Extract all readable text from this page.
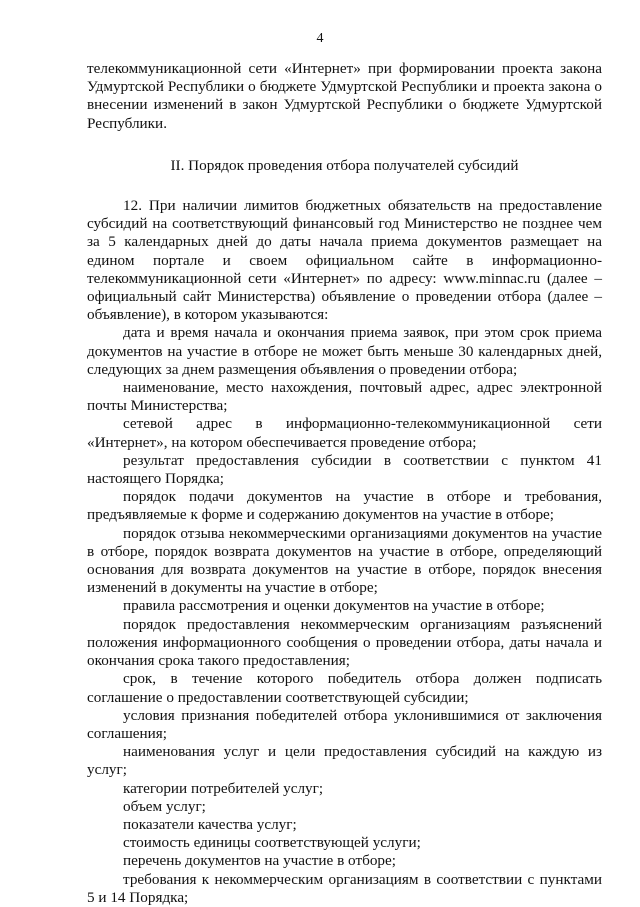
4

телекоммуникационной сети «Интернет» при формировании проекта закона Удмуртской Республики о бюджете Удмуртской Республики и проекта закона о внесении изменений в закон Удмуртской Республики о бюджете Удмуртской Республики.

II. Порядок проведения отбора получателей субсидий

12. При наличии лимитов бюджетных обязательств на предоставление субсидий на соответствующий финансовый год Министерство не позднее чем за 5 календарных дней до даты начала приема документов размещает на едином портале и своем официальном сайте в информационно-телекоммуникационной сети «Интернет» по адресу: www.minnac.ru (далее – официальный сайт Министерства) объявление о проведении отбора (далее – объявление), в котором указываются:

дата и время начала и окончания приема заявок, при этом срок приема документов на участие в отборе не может быть меньше 30 календарных дней, следующих за днем размещения объявления о проведении отбора;

наименование, место нахождения, почтовый адрес, адрес электронной почты Министерства;

сетевой адрес в информационно-телекоммуникационной сети «Интернет», на котором обеспечивается проведение отбора;

результат предоставления субсидии в соответствии с пунктом 41 настоящего Порядка;

порядок подачи документов на участие в отборе и требования, предъявляемые к форме и содержанию документов на участие в отборе;

порядок отзыва некоммерческими организациями документов на участие в отборе, порядок возврата документов на участие в отборе, определяющий основания для возврата документов на участие в отборе, порядок внесения изменений в документы на участие в отборе;

правила рассмотрения и оценки документов на участие в отборе;

порядок предоставления некоммерческим организациям разъяснений положения информационного сообщения о проведении отбора, даты начала и окончания срока такого предоставления;

срок, в течение которого победитель отбора должен подписать соглашение о предоставлении соответствующей субсидии;

условия признания победителей отбора уклонившимися от заключения соглашения;

наименования услуг и цели предоставления субсидий на каждую из услуг;

категории потребителей услуг;

объем услуг;

показатели качества услуг;

стоимость единицы соответствующей услуги;

перечень документов на участие в отборе;

требования к некоммерческим организациям в соответствии с пунктами 5 и 14 Порядка;
